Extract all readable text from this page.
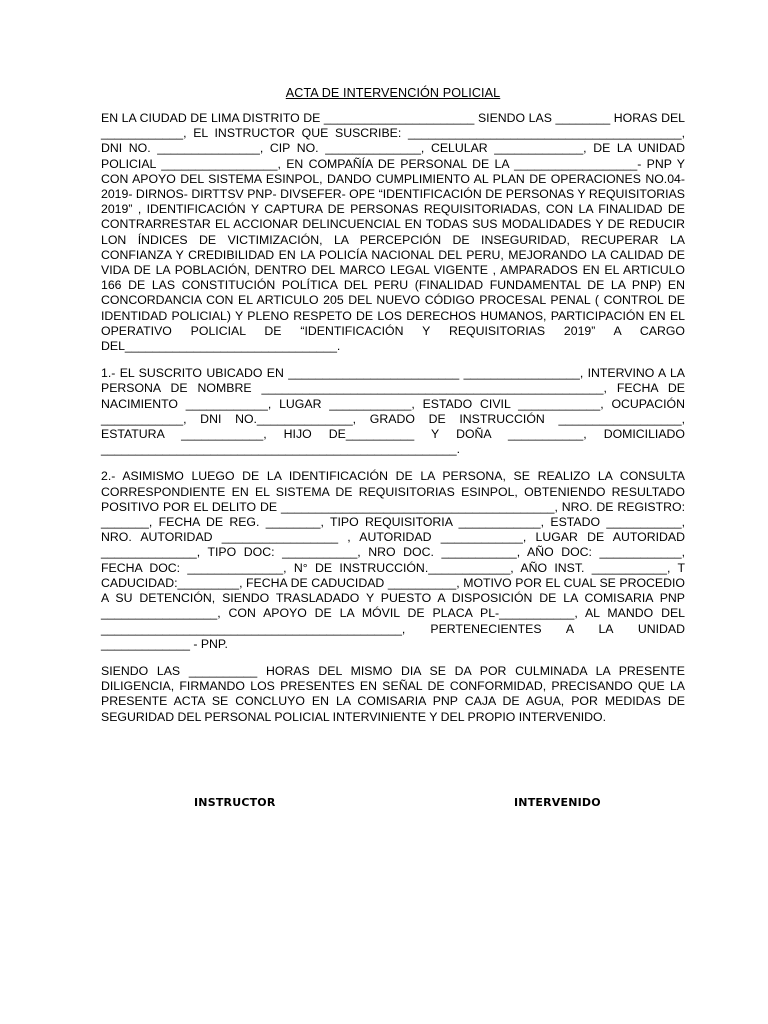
ACTA DE INTERVENCIÓN POLICIAL

EN LA CIUDAD DE LIMA DISTRITO DE ______________________ SIENDO LAS ________ HORAS DEL ____________, EL INSTRUCTOR QUE SUSCRIBE: ________________________________________, DNI NO. _______________, CIP NO. ______________, CELULAR _____________, DE LA UNIDAD POLICIAL _________________, EN COMPAÑÍA DE PERSONAL DE LA __________________- PNP Y CON APOYO DEL SISTEMA ESINPOL, DANDO CUMPLIMIENTO AL PLAN DE OPERACIONES NO.04-2019- DIRNOS- DIRTTSV PNP- DIVSEFER- OPE “IDENTIFICACIÓN DE PERSONAS Y REQUISITORIAS 2019” , IDENTIFICACIÓN Y CAPTURA DE PERSONAS REQUISITORIADAS, CON LA FINALIDAD DE CONTRARRESTAR EL ACCIONAR DELINCUENCIAL EN TODAS SUS MODALIDADES Y DE REDUCIR LON ÍNDICES DE VICTIMIZACIÓN, LA PERCEPCIÓN DE INSEGURIDAD, RECUPERAR LA CONFIANZA Y CREDIBILIDAD EN LA POLICÍA NACIONAL DEL PERU, MEJORANDO LA CALIDAD DE VIDA DE LA POBLACIÓN, DENTRO DEL MARCO LEGAL VIGENTE , AMPARADOS EN EL ARTICULO 166 DE LAS CONSTITUCIÓN POLÍTICA DEL PERU (FINALIDAD FUNDAMENTAL DE LA PNP) EN CONCORDANCIA CON EL ARTICULO 205 DEL NUEVO CÓDIGO PROCESAL PENAL ( CONTROL DE IDENTIDAD POLICIAL) Y PLENO RESPETO DE LOS DERECHOS HUMANOS, PARTICIPACIÓN EN EL OPERATIVO POLICIAL DE “IDENTIFICACIÓN Y REQUISITORIAS 2019” A CARGO DEL_______________________________.

1.- EL SUSCRITO UBICADO EN _________________________ _________________, INTERVINO A LA PERSONA DE NOMBRE __________________________________________________, FECHA DE NACIMIENTO ____________, LUGAR ____________, ESTADO CIVIL ____________, OCUPACIÓN ____________, DNI NO.______________, GRADO DE INSTRUCCIÓN __________________, ESTATURA ____________, HIJO DE__________ Y DOÑA ___________, DOMICILIADO ____________________________________________________.

2.- ASIMISMO LUEGO DE LA IDENTIFICACIÓN DE LA PERSONA, SE REALIZO LA CONSULTA CORRESPONDIENTE EN EL SISTEMA DE REQUISITORIAS ESINPOL, OBTENIENDO RESULTADO POSITIVO POR EL DELITO DE ________________________________________, NRO. DE REGISTRO: _______, FECHA DE REG. ________, TIPO REQUISITORIA ____________, ESTADO ___________, NRO. AUTORIDAD _________________ , AUTORIDAD ____________, LUGAR DE AUTORIDAD ______________, TIPO DOC: ___________, NRO DOC. ___________, AÑO DOC: ____________, FECHA DOC: ______________, N° DE INSTRUCCIÓN.____________, AÑO INST. ___________, T CADUCIDAD:_________, FECHA DE CADUCIDAD __________, MOTIVO POR EL CUAL SE PROCEDIO A SU DETENCIÓN, SIENDO TRASLADADO Y PUESTO A DISPOSICIÓN DE LA COMISARIA PNP _________________, CON APOYO DE LA MÓVIL DE PLACA PL-___________, AL MANDO DEL ____________________________________________, PERTENECIENTES A LA UNIDAD _____________ - PNP.

SIENDO LAS __________ HORAS DEL MISMO DIA SE DA POR CULMINADA LA PRESENTE DILIGENCIA, FIRMANDO LOS PRESENTES EN SEÑAL DE CONFORMIDAD, PRECISANDO QUE LA PRESENTE ACTA SE CONCLUYO EN LA COMISARIA PNP CAJA DE AGUA, POR MEDIDAS DE SEGURIDAD DEL PERSONAL POLICIAL INTERVINIENTE Y DEL PROPIO INTERVENIDO.

INSTRUCTOR	INTERVENIDO
